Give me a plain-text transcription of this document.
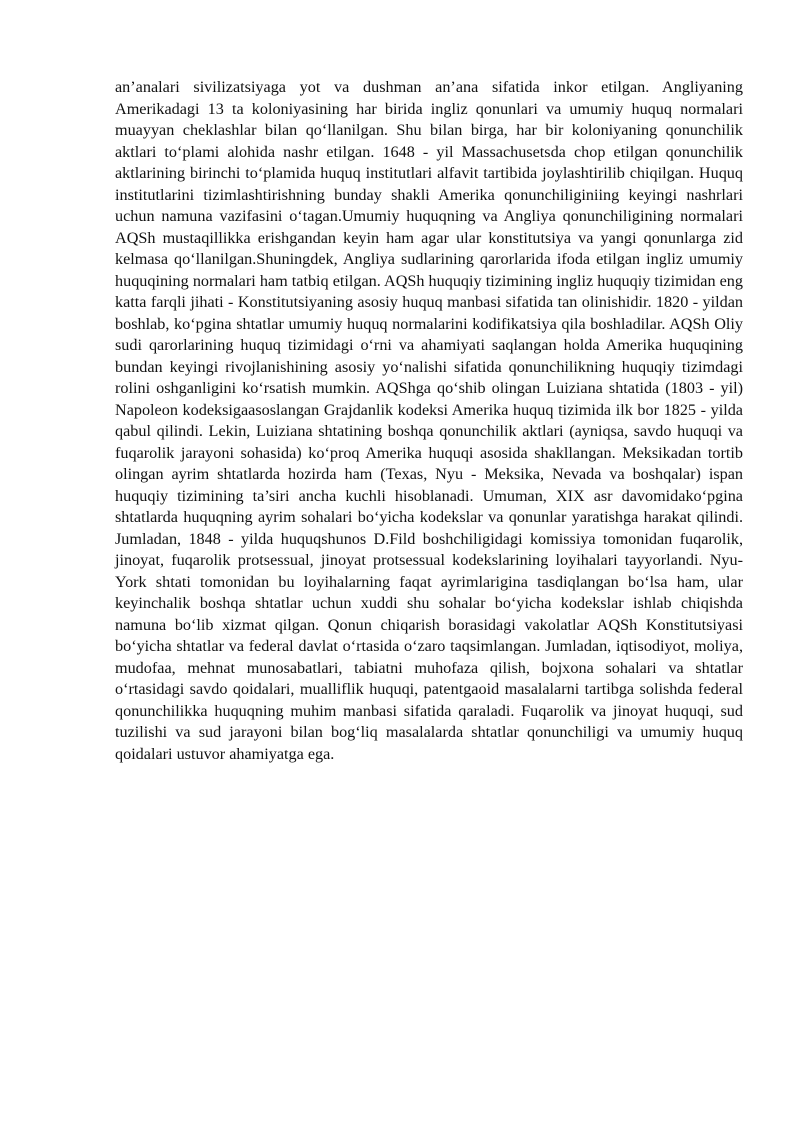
an’analari sivilizatsiyaga yot va dushman an’ana sifatida inkor etilgan. Angliyaning Amerikadagi 13 ta koloniyasining har birida ingliz qonunlari va umumiy huquq normalari muayyan cheklashlar bilan qo‘llanilgan. Shu bilan birga, har bir koloniyaning qonunchilik aktlari to‘plami alohida nashr etilgan. 1648 - yil Massachusetsda chop etilgan qonunchilik aktlarining birinchi to‘plamida huquq institutlari alfavit tartibida joylashtirilib chiqilgan. Huquq institutlarini tizimlashtirishning bunday shakli Amerika qonunchiliginiing keyingi nashrlari uchun namuna vazifasini o‘tagan.Umumiy huquqning va Angliya qonunchiligining normalari AQSh mustaqillikka erishgandan keyin ham agar ular konstitutsiya va yangi qonunlarga zid kelmasa qo‘llanilgan.Shuningdek, Angliya sudlarining qarorlarida ifoda etilgan ingliz umumiy huquqining normalari ham tatbiq etilgan. AQSh huquqiy tizimining ingliz huquqiy tizimidan eng katta farqli jihati - Konstitutsiyaning asosiy huquq manbasi sifatida tan olinishidir. 1820 - yildan boshlab, ko‘pgina shtatlar umumiy huquq normalarini kodifikatsiya qila boshladilar. AQSh Oliy sudi qarorlarining huquq tizimidagi o‘rni va ahamiyati saqlangan holda Amerika huquqining bundan keyingi rivojlanishining asosiy yo‘nalishi sifatida qonunchilikning huquqiy tizimdagi rolini oshganligini ko‘rsatish mumkin. AQShga qo‘shib olingan Luiziana shtatida (1803 - yil) Napoleon kodeksigaasoslangan Grajdanlik kodeksi Amerika huquq tizimida ilk bor 1825 - yilda qabul qilindi. Lekin, Luiziana shtatining boshqa qonunchilik aktlari (ayniqsa, savdo huquqi va fuqarolik jarayoni sohasida) ko‘proq Amerika huquqi asosida shakllangan. Meksikadan tortib olingan ayrim shtatlarda hozirda ham (Texas, Nyu - Meksika, Nevada va boshqalar) ispan huquqiy tizimining ta’siri ancha kuchli hisoblanadi. Umuman, XIX asr davomidako‘pgina shtatlarda huquqning ayrim sohalari bo‘yicha kodekslar va qonunlar yaratishga harakat qilindi. Jumladan, 1848 - yilda huquqshunos D.Fild boshchiligidagi komissiya tomonidan fuqarolik, jinoyat, fuqarolik protsessual, jinoyat protsessual kodekslarining loyihalari tayyorlandi. Nyu-York shtati tomonidan bu loyihalarning faqat ayrimlarigina tasdiqlangan bo‘lsa ham, ular keyinchalik boshqa shtatlar uchun xuddi shu sohalar bo‘yicha kodekslar ishlab chiqishda namuna bo‘lib xizmat qilgan. Qonun chiqarish borasidagi vakolatlar AQSh Konstitutsiyasi bo‘yicha shtatlar va federal davlat o‘rtasida o‘zaro taqsimlangan. Jumladan, iqtisodiyot, moliya, mudofaa, mehnat munosabatlari, tabiatni muhofaza qilish, bojxona sohalari va shtatlar o‘rtasidagi savdo qoidalari, mualliflik huquqi, patentgaoid masalalarni tartibga solishda federal qonunchilikka huquqning muhim manbasi sifatida qaraladi. Fuqarolik va jinoyat huquqi, sud tuzilishi va sud jarayoni bilan bog‘liq masalalarda shtatlar qonunchiligi va umumiy huquq qoidalari ustuvor ahamiyatga ega.
